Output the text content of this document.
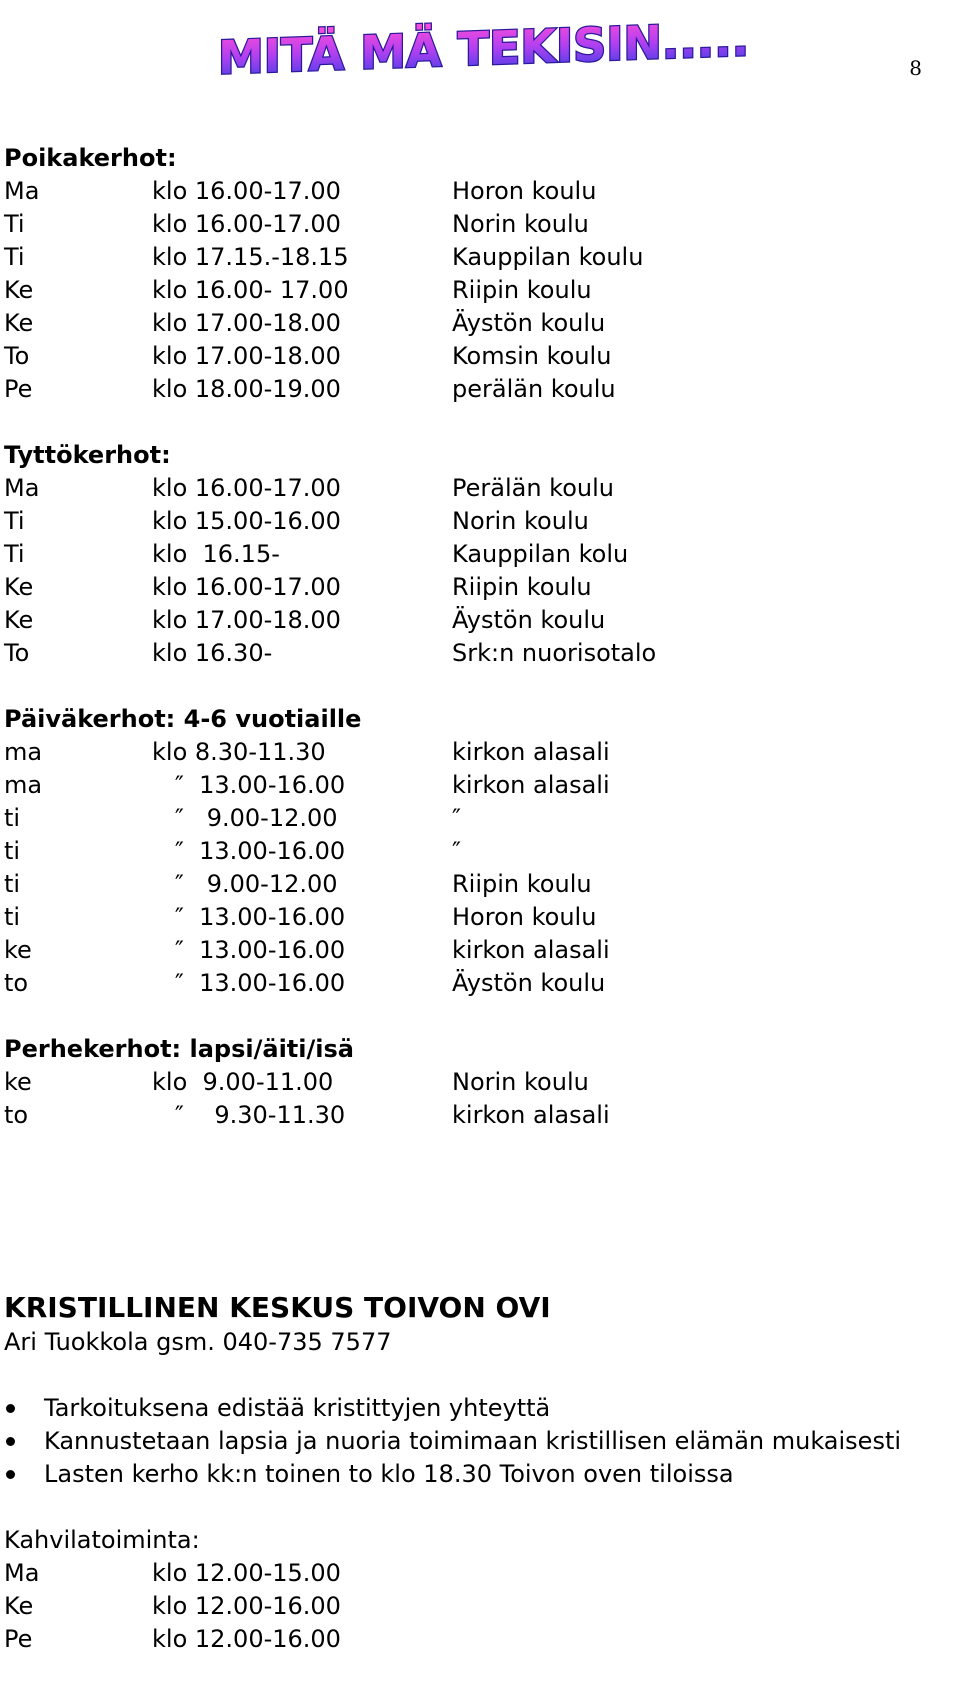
MITÄ MÄ TEKISIN.....	8
Poikakerhot:
Ma	klo 16.00-17.00	Horon koulu
Ti	klo 16.00-17.00	Norin koulu
Ti	klo 17.15.-18.15	Kauppilan koulu
Ke	klo 16.00- 17.00	Riipin koulu
Ke	klo 17.00-18.00	Äystön koulu
To	klo 17.00-18.00	Komsin koulu
Pe	klo 18.00-19.00	perälän koulu
Tyttökerhot:
Ma	klo 16.00-17.00	Perälän koulu
Ti	klo 15.00-16.00	Norin koulu
Ti	klo  16.15-	Kauppilan kolu
Ke	klo 16.00-17.00	Riipin koulu
Ke	klo 17.00-18.00	Äystön koulu
To	klo 16.30-	Srk:n nuorisotalo
Päiväkerhot: 4-6 vuotiaille
ma	klo 8.30-11.30	kirkon alasali
ma	″  13.00-16.00	kirkon alasali
ti	″   9.00-12.00	″
ti	″  13.00-16.00	″
ti	″   9.00-12.00	Riipin koulu
ti	″  13.00-16.00	Horon koulu
ke	″  13.00-16.00	kirkon alasali
to	″  13.00-16.00	Äystön koulu
Perhekerhot: lapsi/äiti/isä
ke	klo  9.00-11.00	Norin koulu
to	″    9.30-11.30	kirkon alasali
KRISTILLINEN KESKUS TOIVON OVI
Ari Tuokkola gsm. 040-735 7577
Tarkoituksena edistää kristittyjen yhteyttä
Kannustetaan lapsia ja nuoria toimimaan kristillisen elämän mukaisesti
Lasten kerho kk:n toinen to klo 18.30 Toivon oven tiloissa
Kahvilatoiminta:
Ma	klo 12.00-15.00
Ke	klo 12.00-16.00
Pe	klo 12.00-16.00
